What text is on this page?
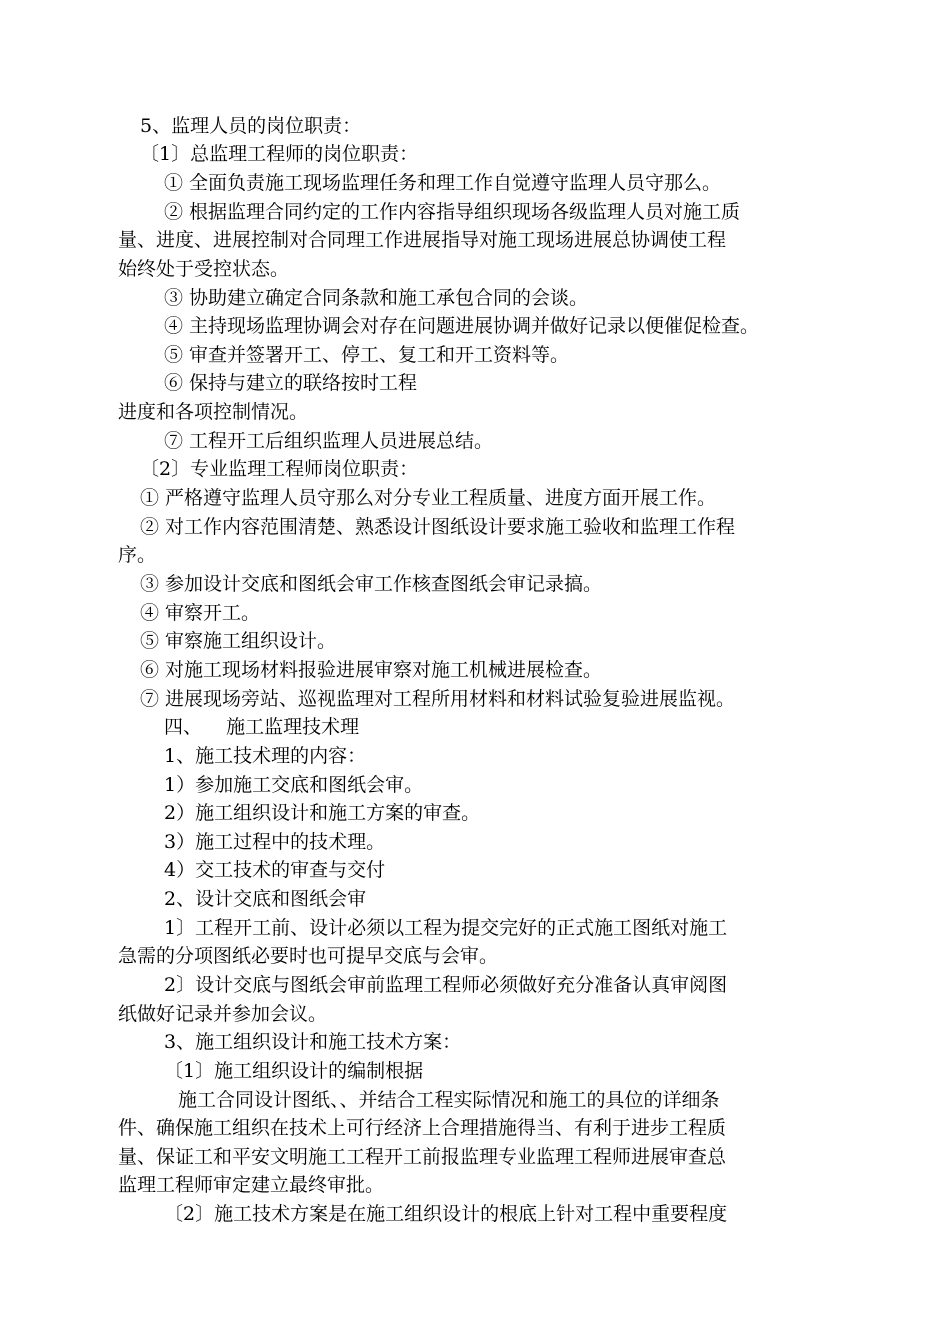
5、监理人员的岗位职责：
〔1〕总监理工程师的岗位职责：
① 全面负责施工现场监理任务和理工作自觉遵守监理人员守那么。
② 根据监理合同约定的工作内容指导组织现场各级监理人员对施工质
量、进度、进展控制对合同理工作进展指导对施工现场进展总协调使工程
始终处于受控状态。
③ 协助建立确定合同条款和施工承包合同的会谈。
④ 主持现场监理协调会对存在问题进展协调并做好记录以便催促检查。
⑤ 审查并签署开工、停工、复工和开工资料等。
⑥ 保持与建立的联络按时工程
进度和各项控制情况。
⑦ 工程开工后组织监理人员进展总结。
〔2〕专业监理工程师岗位职责：
① 严格遵守监理人员守那么对分专业工程质量、进度方面开展工作。
② 对工作内容范围清楚、熟悉设计图纸设计要求施工验收和监理工作程
序。
③ 参加设计交底和图纸会审工作核查图纸会审记录搞。
④ 审察开工。
⑤ 审察施工组织设计。
⑥ 对施工现场材料报验进展审察对施工机械进展检查。
⑦ 进展现场旁站、巡视监理对工程所用材料和材料试验复验进展监视。
四、    施工监理技术理
1、施工技术理的内容：
1）参加施工交底和图纸会审。
2）施工组织设计和施工方案的审查。
3）施工过程中的技术理。
4）交工技术的审查与交付
2、设计交底和图纸会审
1〕工程开工前、设计必须以工程为提交完好的正式施工图纸对施工
急需的分项图纸必要时也可提早交底与会审。
2〕设计交底与图纸会审前监理工程师必须做好充分准备认真审阅图
纸做好记录并参加会议。
3、施工组织设计和施工技术方案：
〔1〕施工组织设计的编制根据
施工合同设计图纸、、并结合工程实际情况和施工的具位的详细条
件、确保施工组织在技术上可行经济上合理措施得当、有利于进步工程质
量、保证工和平安文明施工工程开工前报监理专业监理工程师进展审查总
监理工程师审定建立最终审批。
〔2〕施工技术方案是在施工组织设计的根底上针对工程中重要程度
